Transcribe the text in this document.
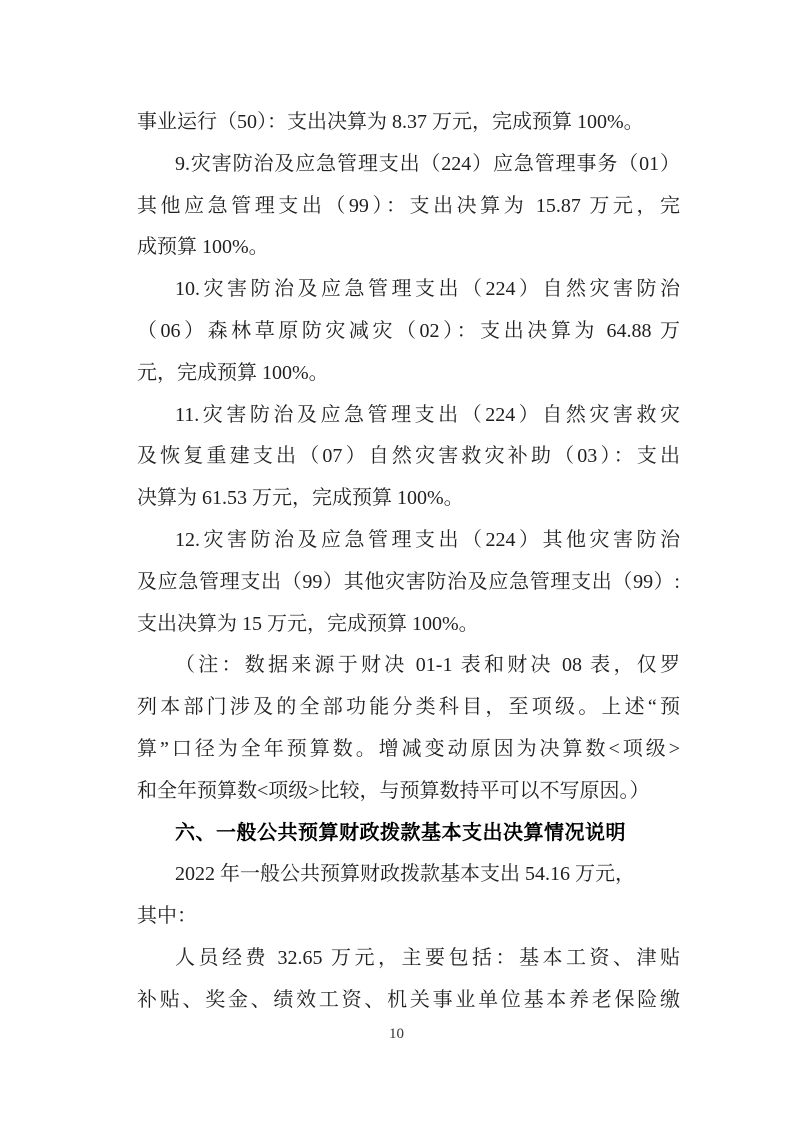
事业运行（50）：支出决算为 8.37 万元，完成预算 100%。
9.灾害防治及应急管理支出（224）应急管理事务（01）
其他应急管理支出（99）：支出决算为 15.87 万元，完
成预算 100%。
10.灾害防治及应急管理支出（224）自然灾害防治
（06）森林草原防灾减灾（02）：支出决算为 64.88 万
元，完成预算 100%。
11.灾害防治及应急管理支出（224）自然灾害救灾
及恢复重建支出（07）自然灾害救灾补助（03）：支出
决算为 61.53 万元，完成预算 100%。
12.灾害防治及应急管理支出（224）其他灾害防治
及应急管理支出（99）其他灾害防治及应急管理支出（99）:
支出决算为 15 万元，完成预算 100%。
（注：数据来源于财决 01-1 表和财决 08 表，仅罗
列本部门涉及的全部功能分类科目，至项级。上述“预
算”口径为全年预算数。增减变动原因为决算数<项级>
和全年预算数<项级>比较，与预算数持平可以不写原因。）
六、一般公共预算财政拨款基本支出决算情况说明
2022 年一般公共预算财政拨款基本支出 54.16 万元，
其中：
人员经费 32.65 万元，主要包括：基本工资、津贴
补贴、奖金、绩效工资、机关事业单位基本养老保险缴
10
